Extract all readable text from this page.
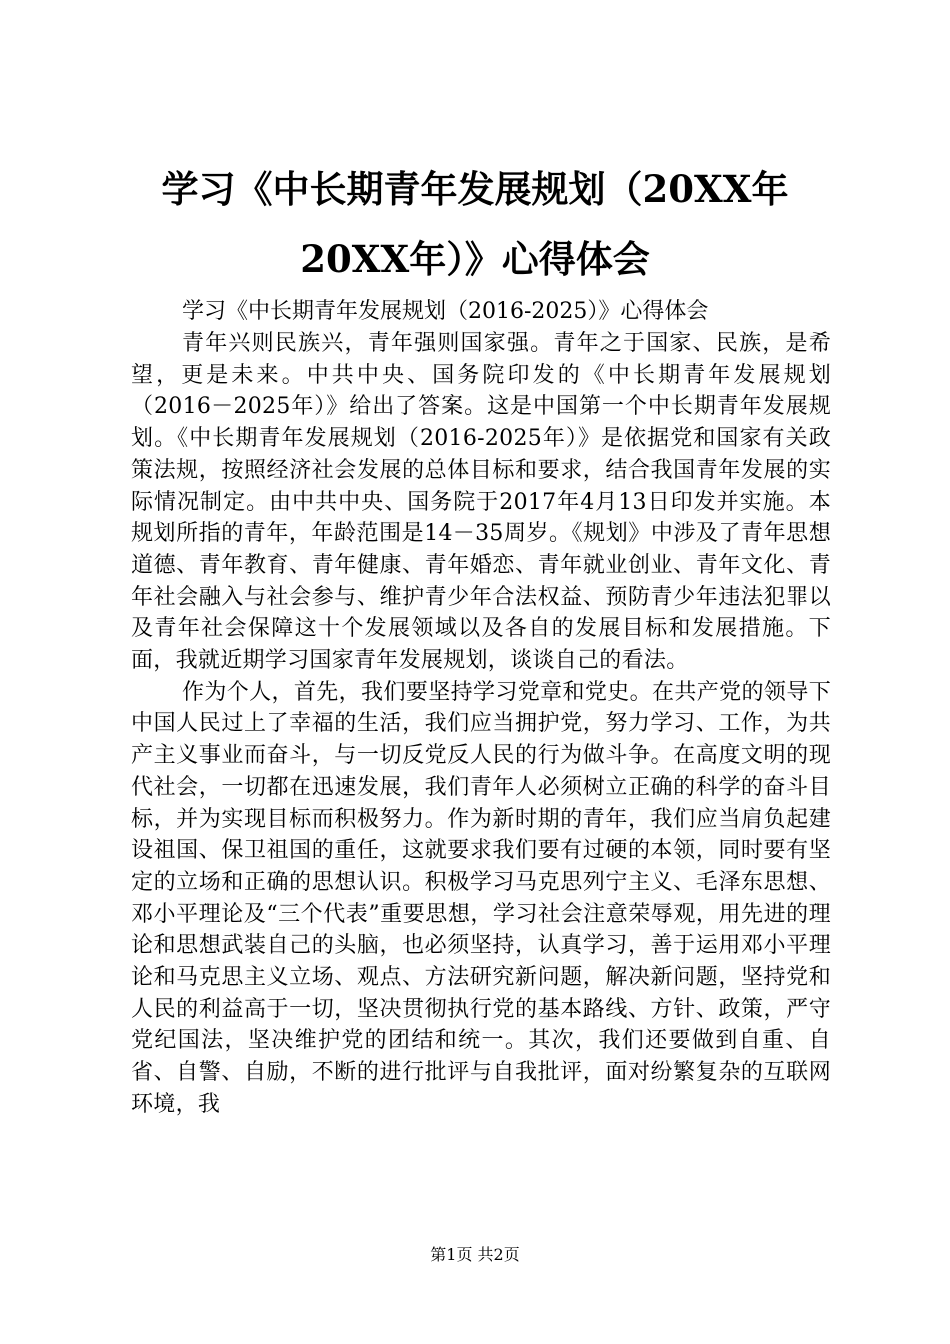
学习《中长期青年发展规划（20XX年20XX年）》心得体会
学习《中长期青年发展规划（2016-2025）》心得体会

青年兴则民族兴，青年强则国家强。青年之于国家、民族，是希望，更是未来。中共中央、国务院印发的《中长期青年发展规划（2016－2025年）》给出了答案。这是中国第一个中长期青年发展规划。《中长期青年发展规划（2016-2025年）》是依据党和国家有关政策法规，按照经济社会发展的总体目标和要求，结合我国青年发展的实际情况制定。由中共中央、国务院于2017年4月13日印发并实施。本规划所指的青年，年龄范围是14－35周岁。《规划》中涉及了青年思想道德、青年教育、青年健康、青年婚恋、青年就业创业、青年文化、青年社会融入与社会参与、维护青少年合法权益、预防青少年违法犯罪以及青年社会保障这十个发展领域以及各自的发展目标和发展措施。下面，我就近期学习国家青年发展规划，谈谈自己的看法。

作为个人，首先，我们要坚持学习党章和党史。在共产党的领导下中国人民过上了幸福的生活，我们应当拥护党，努力学习、工作，为共产主义事业而奋斗，与一切反党反人民的行为做斗争。在高度文明的现代社会，一切都在迅速发展，我们青年人必须树立正确的科学的奋斗目标，并为实现目标而积极努力。作为新时期的青年，我们应当肩负起建设祖国、保卫祖国的重任，这就要求我们要有过硬的本领，同时要有坚定的立场和正确的思想认识。积极学习马克思列宁主义、毛泽东思想、邓小平理论及“三个代表”重要思想，学习社会注意荣辱观，用先进的理论和思想武装自己的头脑，也必须坚持，认真学习，善于运用邓小平理论和马克思主义立场、观点、方法研究新问题，解决新问题，坚持党和人民的利益高于一切，坚决贯彻执行党的基本路线、方针、政策，严守党纪国法，坚决维护党的团结和统一。其次，我们还要做到自重、自省、自警、自励，不断的进行批评与自我批评，面对纷繁复杂的互联网环境，我

第1页 共2页
